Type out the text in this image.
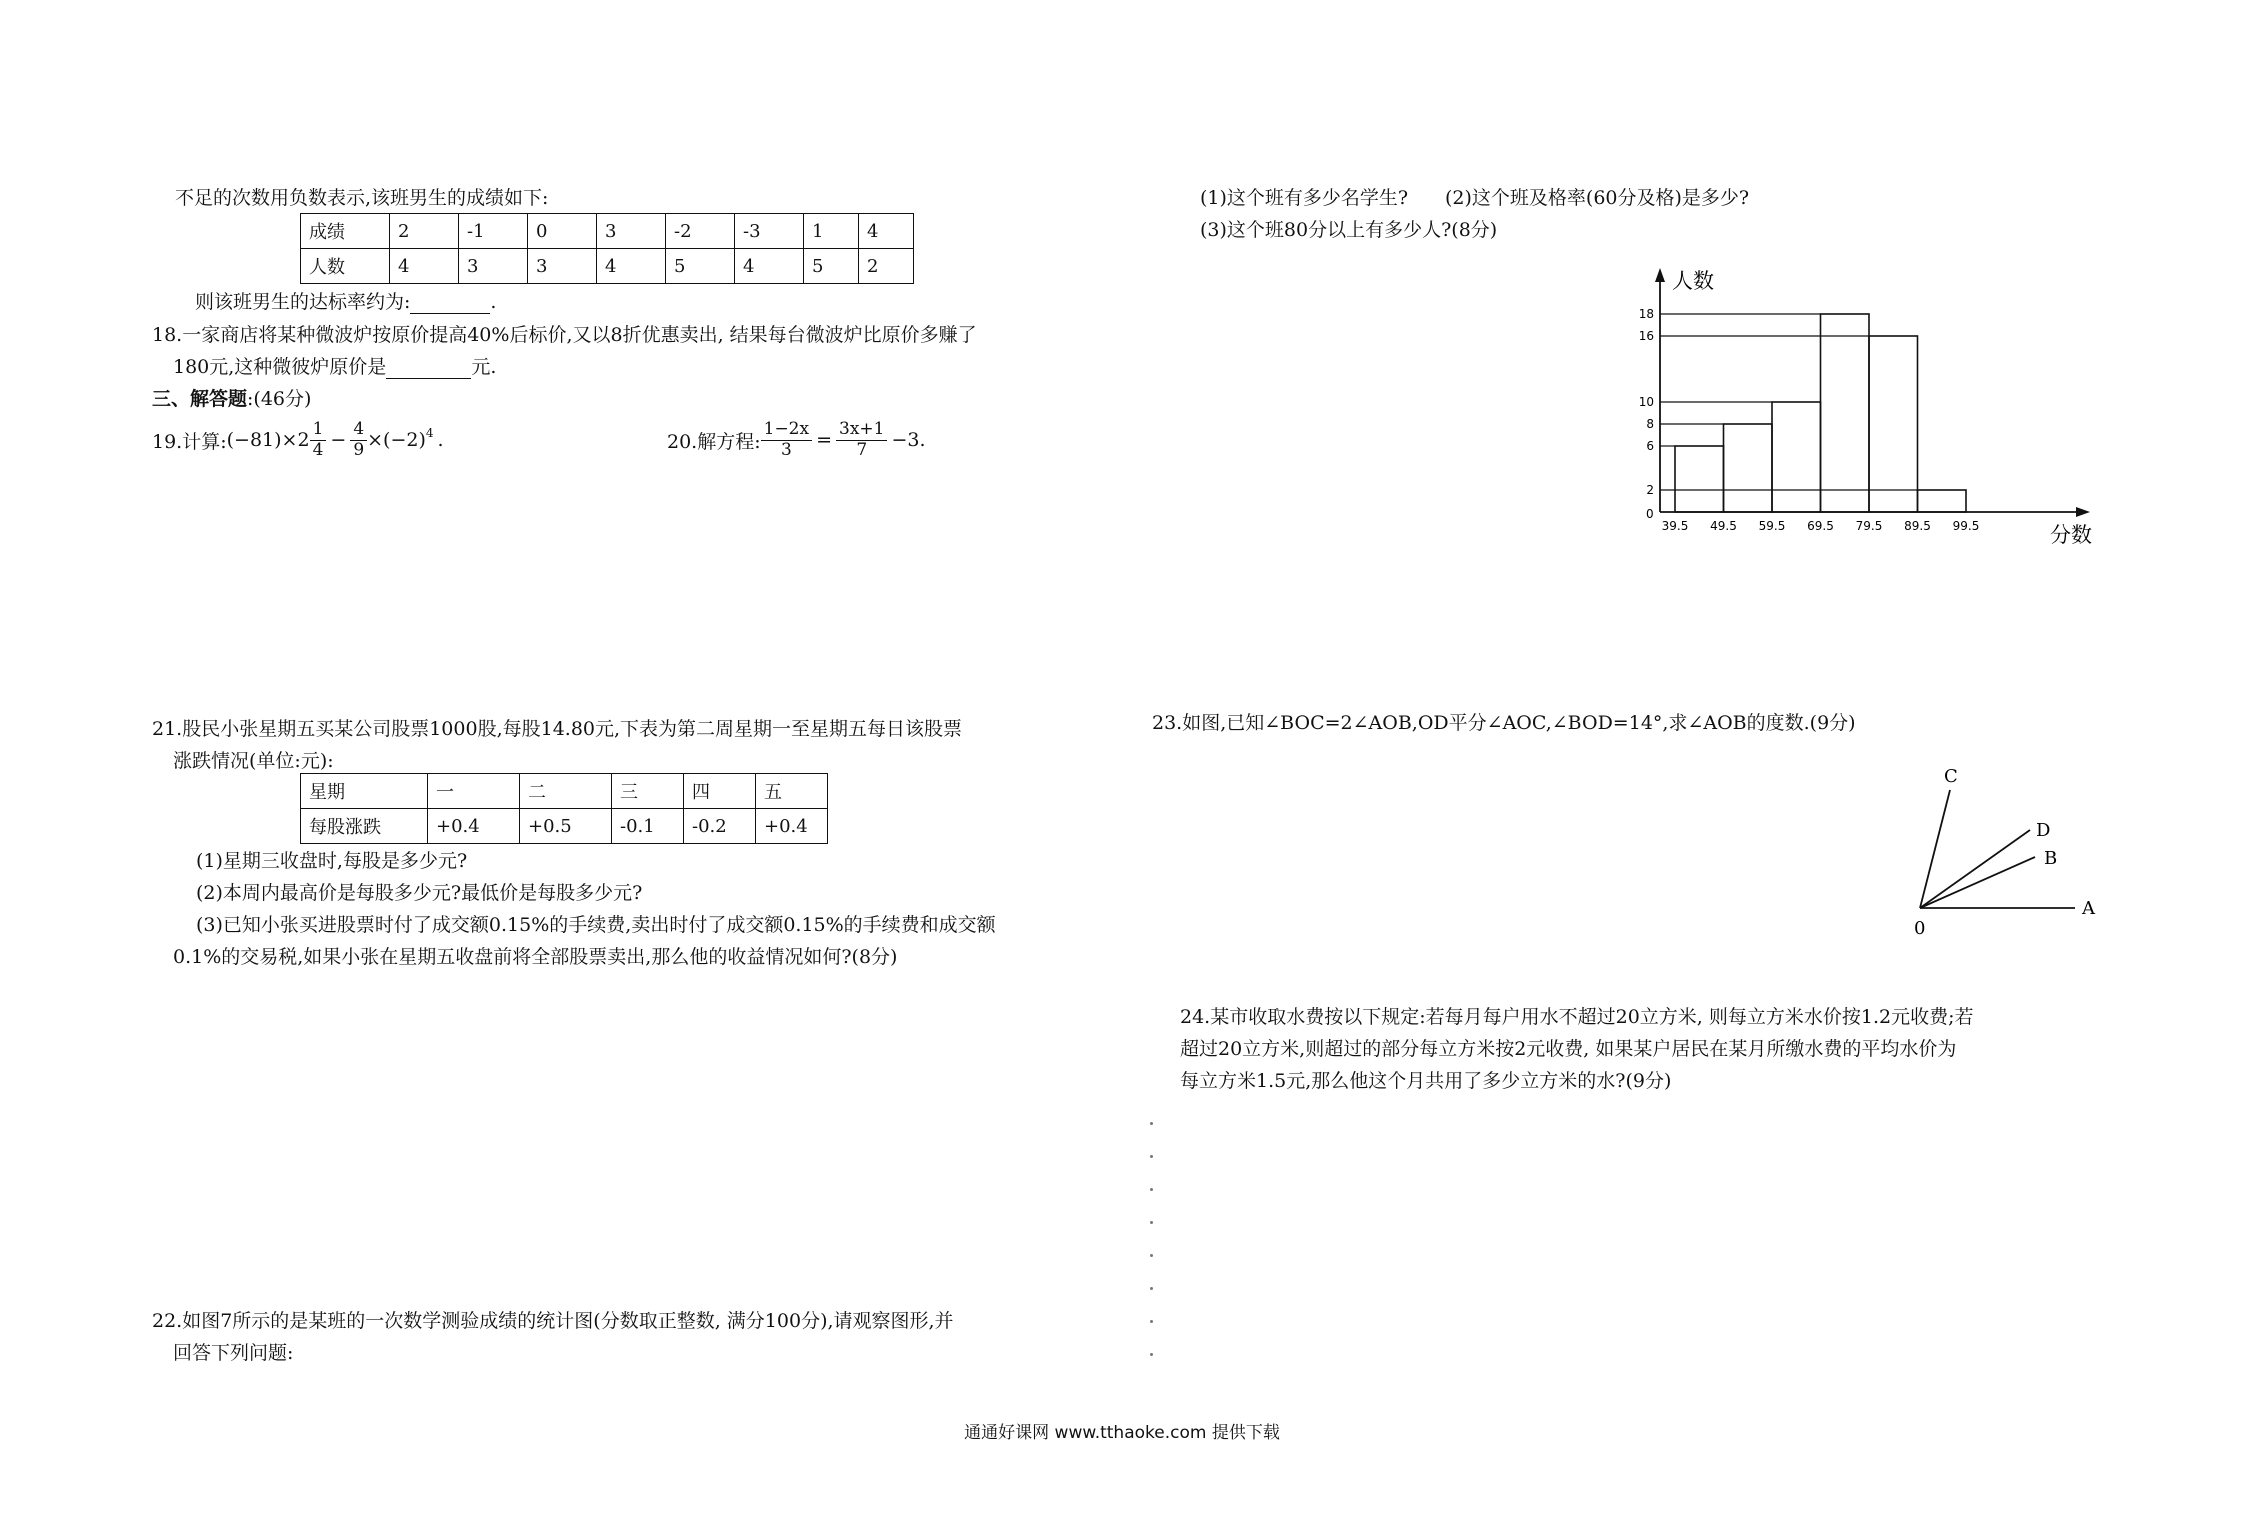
不足的次数用负数表示,该班男生的成绩如下:
成绩	2	-1	0	3	-2	-3	1	4
人数	4	3	3	4	5	4	5	2
则该班男生的达标率约为:	.
18.一家商店将某种微波炉按原价提高40%后标价,又以8折优惠卖出, 结果每台微波炉比原价多赚了
180元,这种微彼炉原价是	元.
三、解答题:(46分)
19.计算: $(-81)\times 2 \frac{1}{4} - \frac{4}{9} \times(-2)^4$ .	20.解方程: $\frac{1-2x}{3} = \frac{3x+1}{7} -3$.
21.股民小张星期五买某公司股票1000股,每股14.80元,下表为第二周星期一至星期五每日该股票
涨跌情况(单位:元):
星期	一	二	三	四	五
每股涨跌	+0.4	+0.5	-0.1	-0.2	+0.4
(1)星期三收盘时,每股是多少元?
(2)本周内最高价是每股多少元?最低价是每股多少元?
(3)已知小张买进股票时付了成交额0.15%的手续费,卖出时付了成交额0.15%的手续费和成交额
0.1%的交易税,如果小张在星期五收盘前将全部股票卖出,那么他的收益情况如何?(8分)
22.如图7所示的是某班的一次数学测验成绩的统计图(分数取正整数, 满分100分),请观察图形,并
回答下列问题:
(1)这个班有多少名学生? (2)这个班及格率(60分及格)是多少?
(3)这个班80分以上有多少人?(8分)
人数
分数
0
2
6
8
10
16
18
39.5 49.5 59.5 69.5 79.5 89.5 99.5
23.如图,已知∠BOC=2∠AOB,OD平分∠AOC,∠BOD=14°,求∠AOB的度数.(9分)
C
D
B
A
0
24.某市收取水费按以下规定:若每月每户用水不超过20立方米, 则每立方米水价按1.2元收费;若
超过20立方米,则超过的部分每立方米按2元收费, 如果某户居民在某月所缴水费的平均水价为
每立方米1.5元,那么他这个月共用了多少立方米的水?(9分)
通通好课网 www.tthaoke.com 提供下载
